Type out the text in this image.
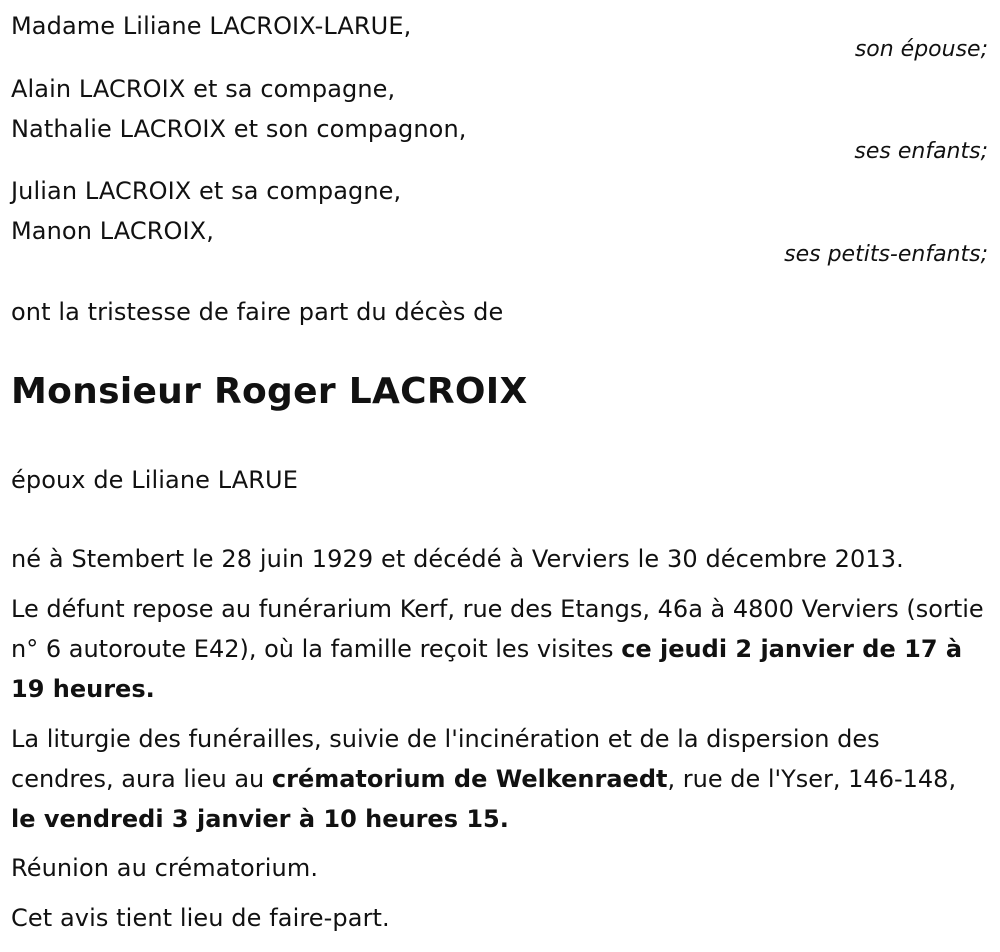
Madame Liliane LACROIX-LARUE,
son épouse;
Alain LACROIX et sa compagne,
Nathalie LACROIX et son compagnon,
ses enfants;
Julian LACROIX et sa compagne,
Manon LACROIX,
ses petits-enfants;
ont la tristesse de faire part du décès de
Monsieur Roger LACROIX
époux de Liliane LARUE
né à Stembert le 28 juin 1929 et décédé à Verviers le 30 décembre 2013.
Le défunt repose au funérarium Kerf, rue des Etangs, 46a à 4800 Verviers (sortie n° 6 autoroute E42), où la famille reçoit les visites ce jeudi 2 janvier de 17 à 19 heures.
La liturgie des funérailles, suivie de l'incinération et de la dispersion des cendres, aura lieu au crématorium de Welkenraedt, rue de l'Yser, 146-148, le vendredi 3 janvier à 10 heures 15.
Réunion au crématorium.
Cet avis tient lieu de faire-part.
